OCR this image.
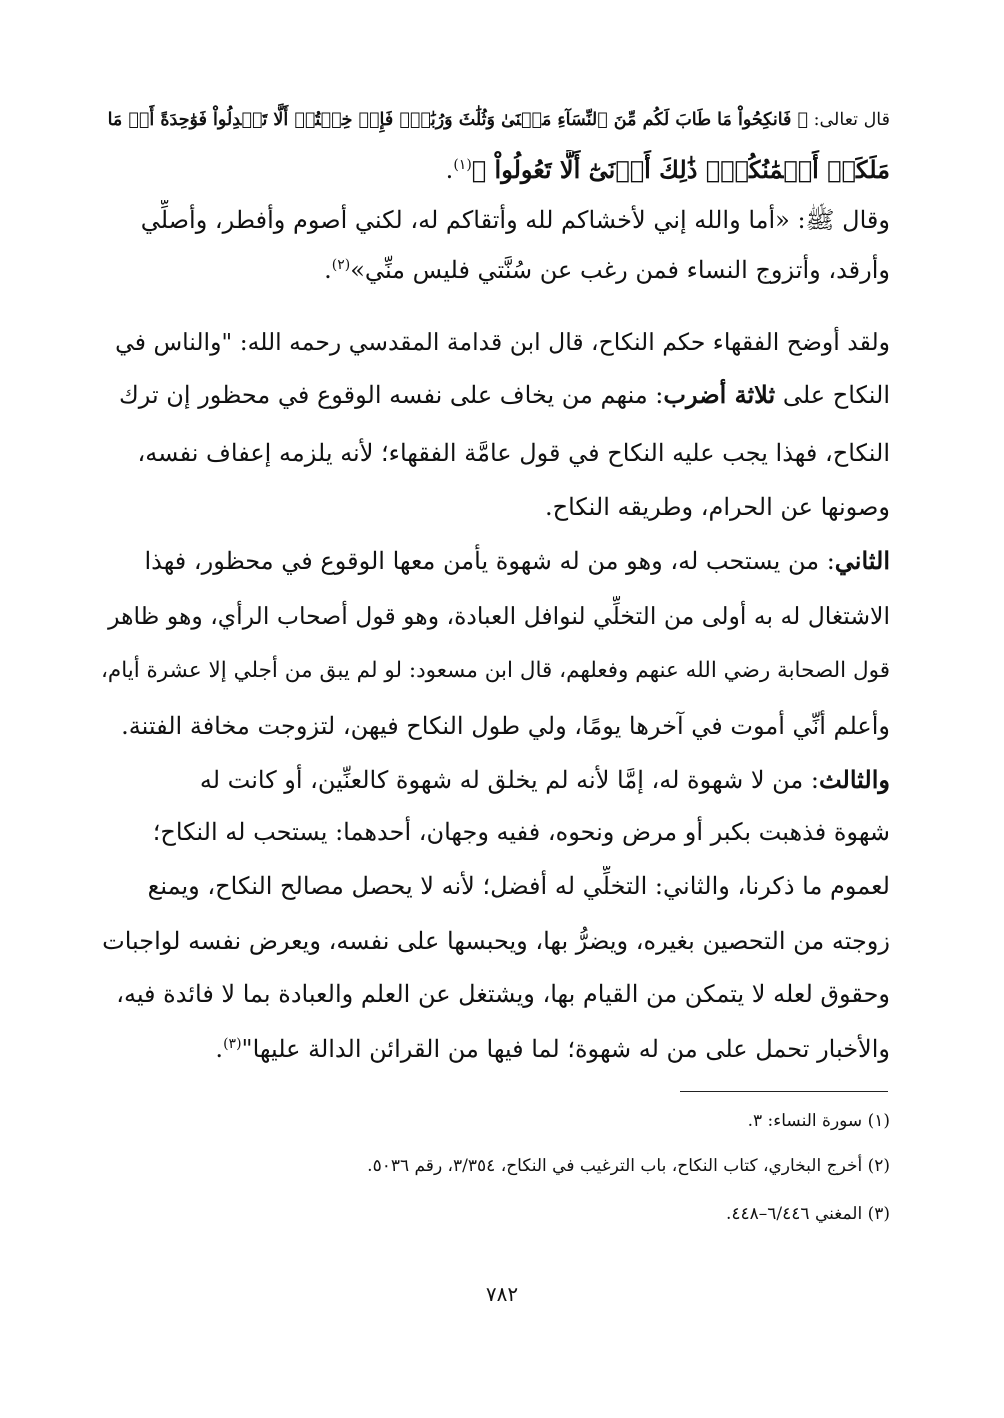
قال تعالى: ﴿ فَانكِحُواْ مَا طَابَ لَكُم مِّنَ ٱلنِّسَآءِ مَثۡنَىٰ وَثُلَٰثَ وَرُبَٰعَۖ فَإِنۡ خِفۡتُمۡ أَلَّا تَعۡدِلُواْ فَوَٰحِدَةً أَوۡ مَا
مَلَكَتۡ أَيۡمَٰنُكُمۡۚ ذَٰلِكَ أَدۡنَىٰٓ أَلَّا تَعُولُواْ ﴾$^{(١)}$.
وقال ﷺ: «أما والله إني لأخشاكم لله وأتقاكم له، لكني أصوم وأفطر، وأصلِّي
وأرقد، وأتزوج النساء فمن رغب عن سُنَّتي فليس منِّي»$^{(٢)}$.
ولقد أوضح الفقهاء حكم النكاح، قال ابن قدامة المقدسي رحمه الله: "والناس في
النكاح على ثلاثة أضرب: منهم من يخاف على نفسه الوقوع في محظور إن ترك
النكاح، فهذا يجب عليه النكاح في قول عامَّة الفقهاء؛ لأنه يلزمه إعفاف نفسه،
وصونها عن الحرام، وطريقه النكاح.
الثاني: من يستحب له، وهو من له شهوة يأمن معها الوقوع في محظور، فهذا
الاشتغال له به أولى من التخلِّي لنوافل العبادة، وهو قول أصحاب الرأي، وهو ظاهر
قول الصحابة رضي الله عنهم وفعلهم، قال ابن مسعود: لو لم يبق من أجلي إلا عشرة أيام،
وأعلم أنِّي أموت في آخرها يومًا، ولي طول النكاح فيهن، لتزوجت مخافة الفتنة.
والثالث: من لا شهوة له، إمَّا لأنه لم يخلق له شهوة كالعنِّين، أو كانت له
شهوة فذهبت بكبر أو مرض ونحوه، ففيه وجهان، أحدهما: يستحب له النكاح؛
لعموم ما ذكرنا، والثاني: التخلِّي له أفضل؛ لأنه لا يحصل مصالح النكاح، ويمنع
زوجته من التحصين بغيره، ويضرُّ بها، ويحبسها على نفسه، ويعرض نفسه لواجبات
وحقوق لعله لا يتمكن من القيام بها، ويشتغل عن العلم والعبادة بما لا فائدة فيه،
والأخبار تحمل على من له شهوة؛ لما فيها من القرائن الدالة عليها"$^{(٣)}$.
(١) سورة النساء: ٣.
(٢) أخرج البخاري، كتاب النكاح، باب الترغيب في النكاح، ٣/٣٥٤، رقم ٥٠٣٦.
(٣) المغني ٦/٤٤٦–٤٤٨.
٧٨٢
